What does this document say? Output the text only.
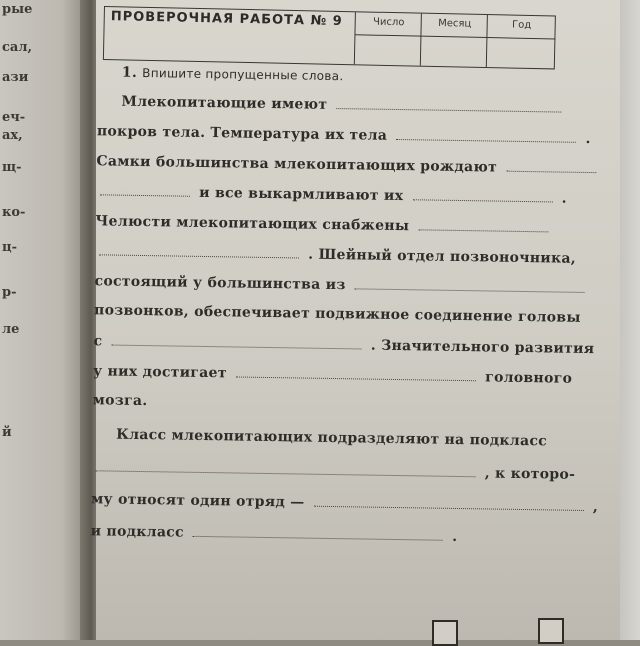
рые
сал,
ази
еч-
ах,
щ-
ко-
ц-
р-
ле
й
ПРОВЕРОЧНАЯ РАБОТА № 9	Число	Месяц	Год
1. Впишите пропущенные слова.
Млекопитающие имеют
покров тела. Температура их тела	.
Самки большинства млекопитающих рождают
и все выкармливают их	.
Челюсти млекопитающих снабжены
. Шейный отдел позвоночника,
состоящий у большинства из
позвонков, обеспечивает подвижное соединение головы
с	. Значительного развития
у них достигает	головного
мозга.
Класс млекопитающих подразделяют на подкласс
, к которо-
му относят один отряд —	,
и подкласс	.
